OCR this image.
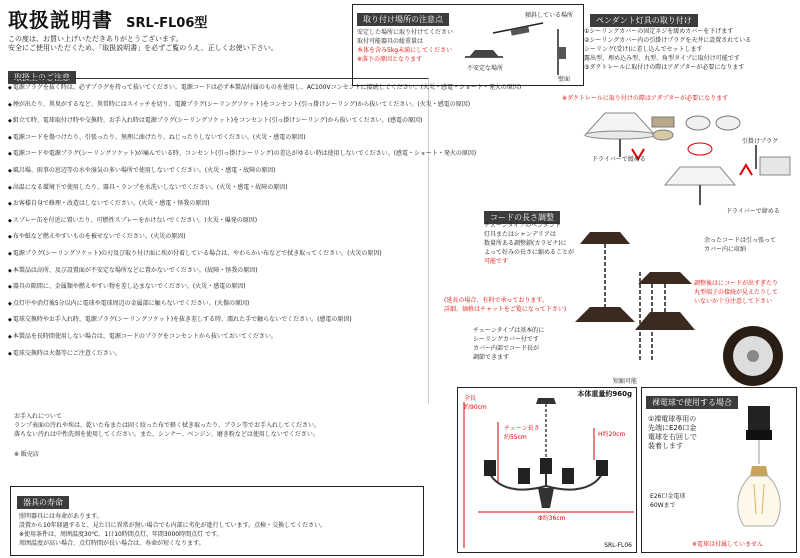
取扱説明書 SRL-FL06型
この度は、お買い上げいただきありがとうございます。
安全にご使用いただくため、「取扱説明書」を必ずご覧のうえ、正しくお使い下さい。
取扱上のご注意
◆ 電源プラグを抜く時は、必ずプラグを持って抜いてください。電源コードは必ず本製品付属のものを使用し、AC100Vコンセントに接続してください。(火災・感電・ショート・発火の原因)
◆ 煙が出たり、異臭がするなど、異常時にはスイッチを切り、電源プラグ(シーリングソケット)をコンセント(引っ掛けシーリング)から抜いてください。(火災・感電の原因)
◆ 組立て時、電球取付け時や交換時、お手入れ時は電源プラグ(シーリングソケット)をコンセント(引っ掛けシーリング)から抜いてください。(感電の原因)
◆ 電源コードを傷つけたり、引張ったり、無理に曲げたり、ねじったりしないでください。(火災・感電の原因)
◆ 電源コードや電源プラグ(シーリングソケット)が痛んでいる時、コンセント(引っ掛けシーリング)の差込がゆるい時は使用しないでください。(感電・ショート・発火の原因)
◆ 風呂場、雨事の窓辺等の水や湿気の多い場所で使用しないでください。(火災・感電・故障の原因)
◆ 高温になる環境下で使用したり、器具・ランプを水洗いしないでください。(火災・感電・故障の原因)
◆ お客様自身で修理・改造はしないでください。(火災・感電・怪我の原因)
◆ スプレー缶を付近に置いたり、可燃性スプレーをかけないでください。(火災・爆発の原因)
◆ 布や紙など燃えやすいものを被せないでください。(火災の原因)
◆ 電源プラグ(シーリングソケット)の刃及び取り付け面に埃が付着している場合は、やわらかい布などで拭き取ってください。(火災の原因)
◆ 本製品は高所、及び設置面が不安定な場所などに置かないでください。(故障・怪我の原因)
◆ 器具の隙間に、金属類や燃えやすい物を差し込まないでください。(火災・感電の原因)
◆ 点灯中や消灯後5分以内に電球や電球周辺の金属部に触らないでください。(火傷の原因)
◆ 電球交換時やお手入れ時、電源プラグ(シーリングソケット)を抜き差しする時、濡れた手で触らないでください。(感電の原因)
◆ 本製品を長時間使用しない場合は、電源コードのプラグをコンセントから抜いておいてください。
◆ 電球交換時は火傷等にご注意ください。
お手入れについて
ランプ表面の汚れや埃は、乾いた布または固く絞った布で軽く拭き取ったり、ブラシ等でお手入れしてください。
落ちない汚れは中性洗剤を使用してください。また、シンナー、ベンジン、磨き粉などは使用しないでください。
※ 販売店
器具の寿命
照明器具には寿命があります。
設置から10年経過すると、見た目に異常が無い場合でも内部に劣化が進行しています。点検・交換してください。
※使用条件は、周囲温度30℃、1日10時間点灯、年間3000時間点灯 です。
周囲温度が高い場合、点灯時間が長い場合は、寿命が短くなります。
取り付け場所の注意点
安定した場所に取り付けてください
取付可能器具の総重量は
本体を含み5kg未満にしてください
※落下の原因となります
傾斜している場所
不安定な場所
壁面
ペンダント灯具の取り付け
①シーリングカバーの固定ネジを緩めカバーを下げます
②シーリングカバー内の引掛けプラグを天井に設置されている
シーリング(受け)に差し込んでセットします
露出型、埋め込み型、丸型、角型タイプに取付け可能です
③ダクトレールに取付けの際はアダプターが必要になります
※ダクトレールに取り付けの際はアダプターが必要になります
ドライバーで緩める
引掛けプラグ
ドライバーで締める
コードの長さ調整
チェーンタイプのペンダント
灯具またはシャンデリアは
数量所ある調整鎖(カラビナ)に
よって好みの長さに縮めることが
可能です
(延長の場合、有料で承っております。
詳細、価格はチャットをご覧になって下さい)
チェーンタイプは基本的に
シーリングカバー付です
カバー内部でコード長が
調節できます
短縮可能
余ったコードは引っ張って
カバー内に収納
調整後はにコードが出すぎたり
丸型端子の接続が見えたりして
いないか十分注意して下さい
本体重量約960g
全長
約90cm
チェーン長さ
約55cm	H約20cm
Φ約36cm
SRL-FL06
裸電球で使用する場合
①裸電球専用の
先端にE26口金
電球を右回しで
装着します
E26口金電球
60Wまで
※電球は付属していません
